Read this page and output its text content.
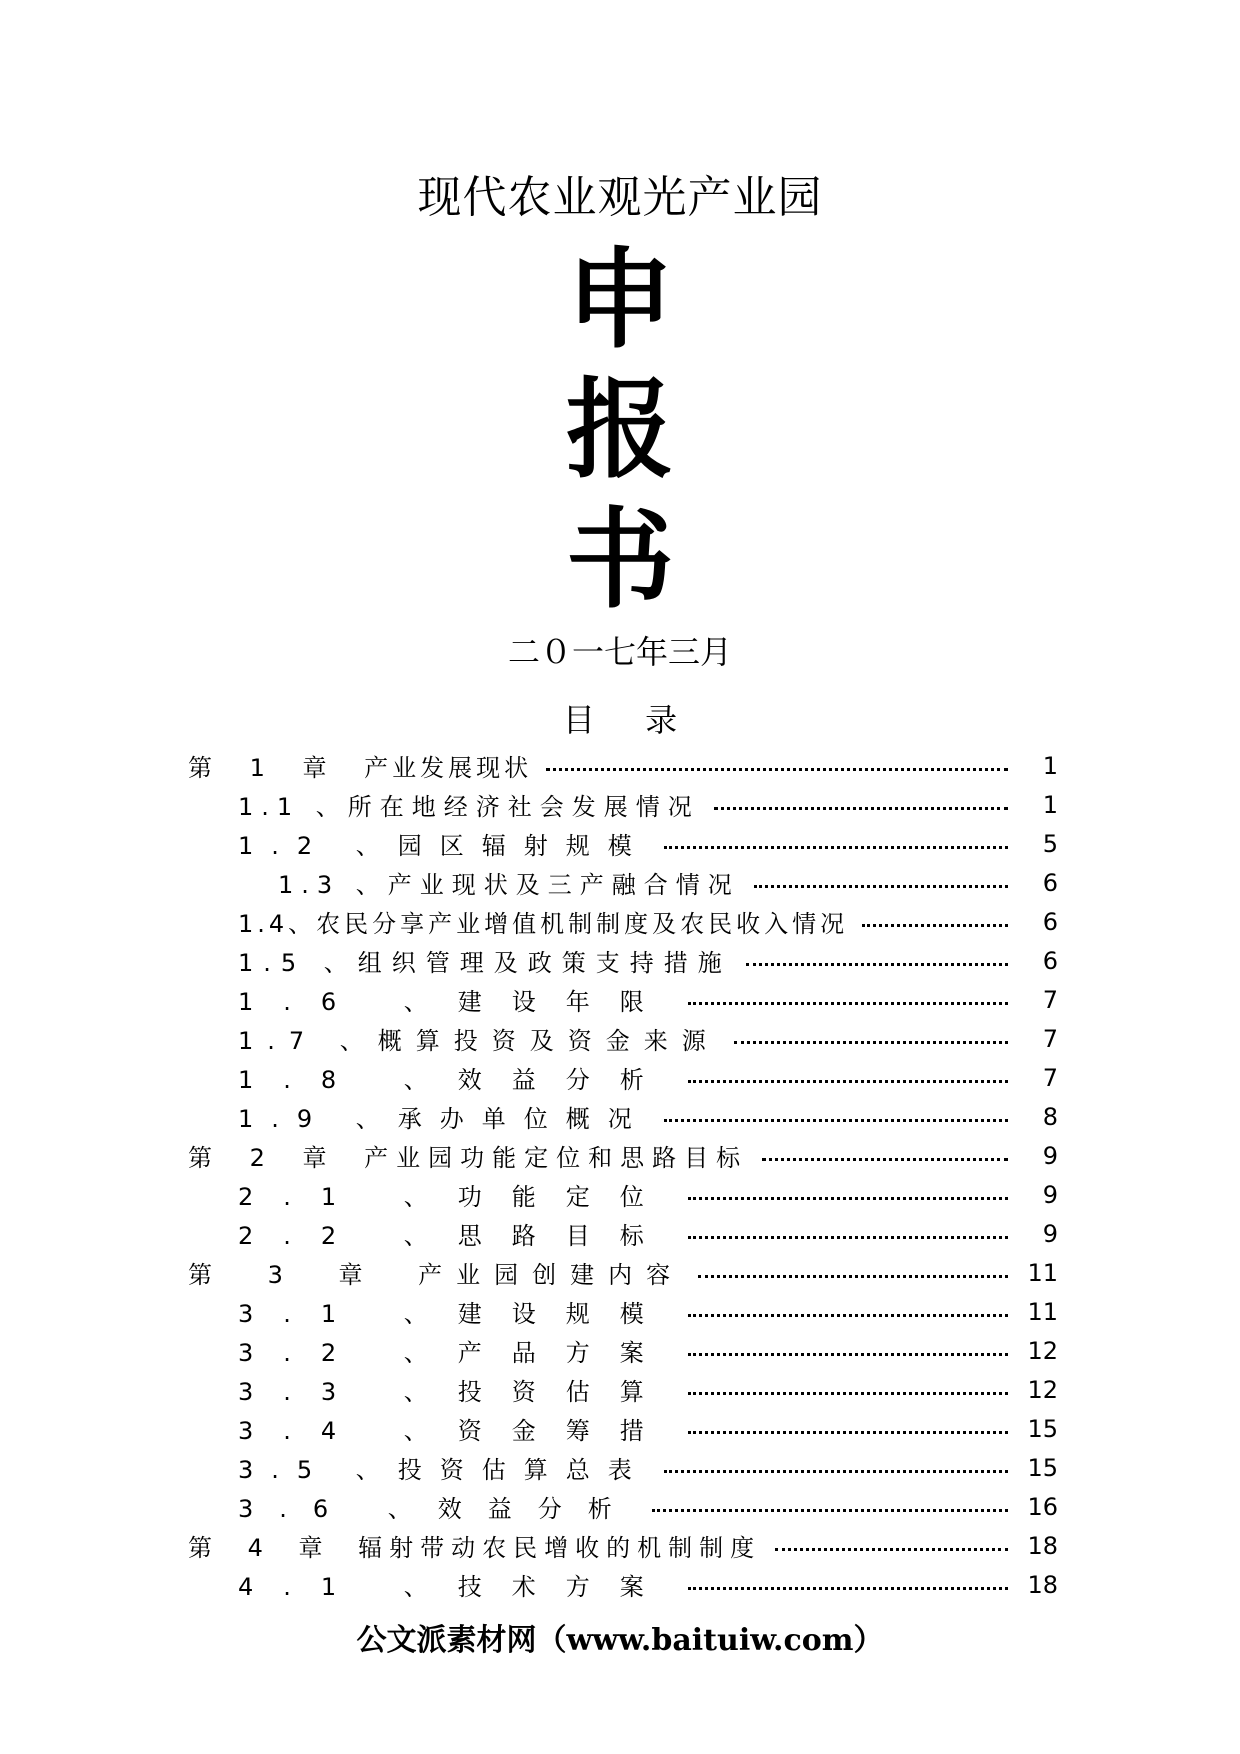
现代农业观光产业园
申
报
书
二０一七年三月
目 录
第 1 章 产业发展现状	1
1.1 、所在地经济社会发展情况	1
1.2 、园区辐射规模	5
1.3 、产业现状及三产融合情况	6
1.4、农民分享产业增值机制制度及农民收入情况	6
1.5 、组织管理及政策支持措施	6
1.6 、建设年限	7
1.7 、概算投资及资金来源	7
1.8 、效益分析	7
1.9 、承办单位概况	8
第 2 章 产业园功能定位和思路目标	9
2.1 、功能定位	9
2.2 、思路目标	9
第 3 章 产业园创建内容	11
3.1 、建设规模	11
3.2 、产品方案	12
3.3 、投资估算	12
3.4 、资金筹措	15
3.5 、投资估算总表	15
3.6 、效益分析	16
第 4 章 辐射带动农民增收的机制制度	18
4.1 、技术方案	18
公文派素材网（www.baituiw.com）
